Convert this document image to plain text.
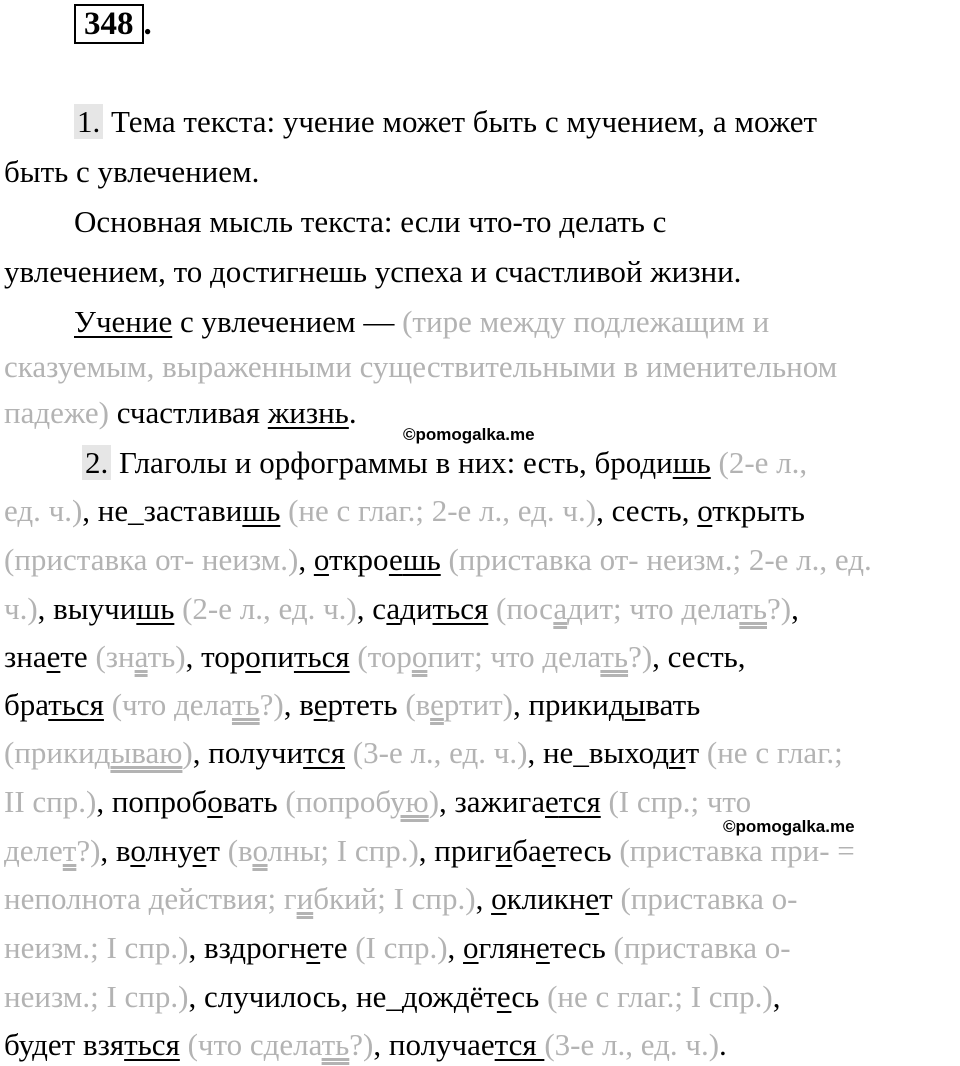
348 .
1. Тема текста: учение может быть с мучением, а может
быть с увлечением.
Основная мысль текста: если что-то делать с
увлечением, то достигнешь успеха и счастливой жизни.
Учение с увлечением — (тире между подлежащим и
сказуемым, выраженными существительными в именительном
падеже) счастливая жизнь.
2. Глаголы и орфограммы в них: есть, бродишь (2-е л.,
ед. ч.), не_заставишь (не с глаг.; 2-е л., ед. ч.), сесть, открыть
(приставка от- неизм.), откроешь (приставка от- неизм.; 2-е л., ед.
ч.), выучишь (2-е л., ед. ч.), садиться (посадит; что делать?),
знаете (знать), торопиться (торопит; что делать?), сесть,
браться (что делать?), вертеть (вертит), прикидывать
(прикидываю), получится (3-е л., ед. ч.), не_выходит (не с глаг.;
II спр.), попробовать (попробую), зажигается (I спр.; что
делет?), волнует (волны; I спр.), пригибаетесь (приставка при- =
неполнота действия; гибкий; I спр.), окликнет (приставка о-
неизм.; I спр.), вздрогнете (I спр.), оглянетесь (приставка о-
неизм.; I спр.), случилось, не_дождётесь (не с глаг.; I спр.),
будет взяться (что сделать?), получается (3-е л., ед. ч.).
©pomogalka.me
©pomogalka.me
